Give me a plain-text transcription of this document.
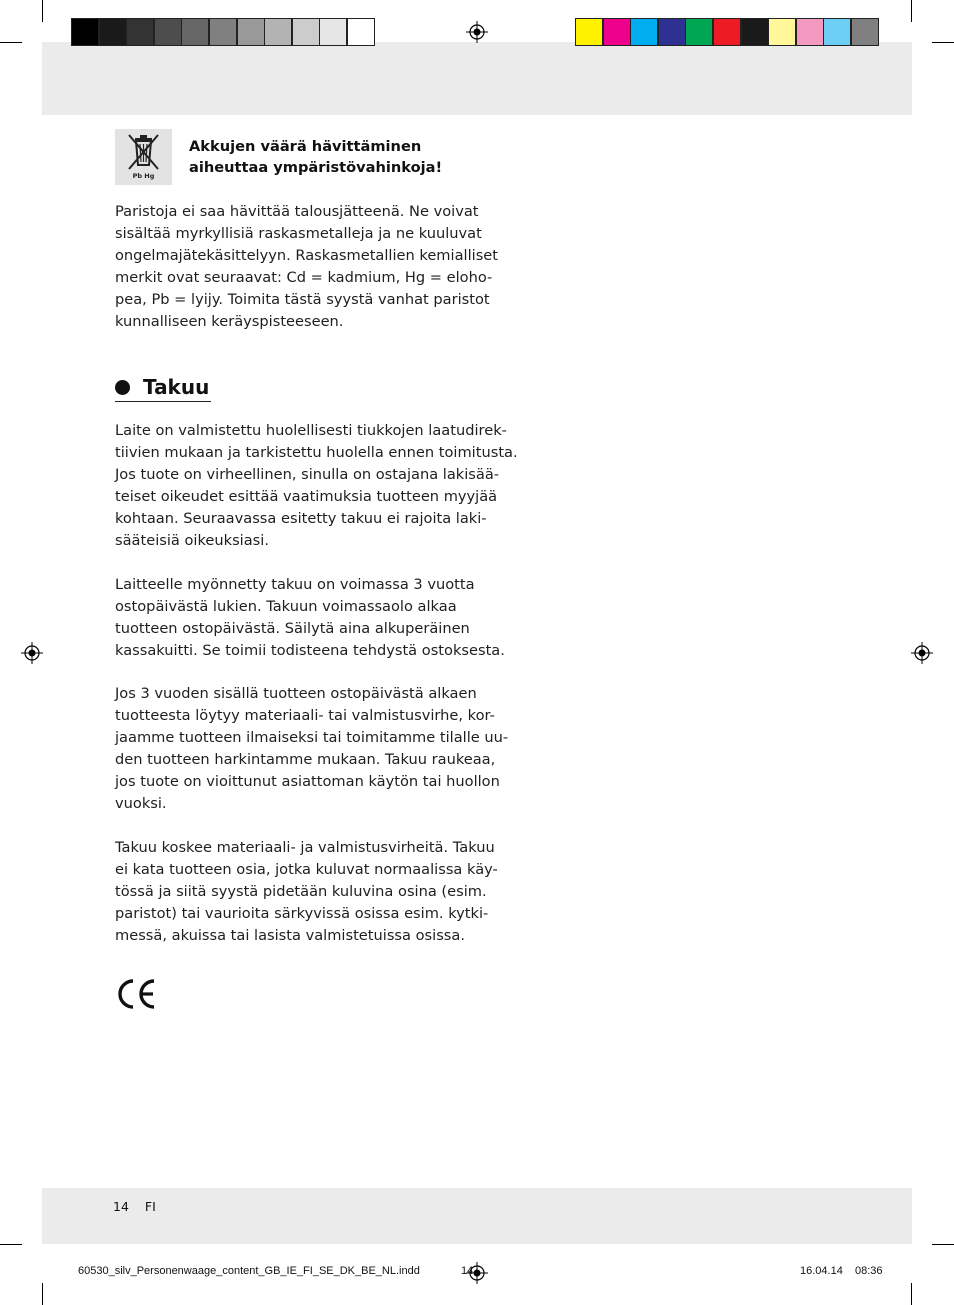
Pb Hg
Akkujen väärä hävittäminen
aiheuttaa ympäristövahinkoja!

Paristoja ei saa hävittää talousjätteenä. Ne voivat
sisältää myrkyllisiä raskasmetalleja ja ne kuuluvat
ongelmajätekäsittelyyn. Raskasmetallien kemialliset
merkit ovat seuraavat: Cd = kadmium, Hg = eloho-
pea, Pb = lyijy. Toimita tästä syystä vanhat paristot
kunnalliseen keräyspisteeseen.

Takuu

Laite on valmistettu huolellisesti tiukkojen laatudirek-
tiivien mukaan ja tarkistettu huolella ennen toimitusta.
Jos tuote on virheellinen, sinulla on ostajana lakisää-
teiset oikeudet esittää vaatimuksia tuotteen myyjää
kohtaan. Seuraavassa esitetty takuu ei rajoita laki-
sääteisiä oikeuksiasi.

Laitteelle myönnetty takuu on voimassa 3 vuotta
ostopäivästä lukien. Takuun voimassaolo alkaa
tuotteen ostopäivästä. Säilytä aina alkuperäinen
kassakuitti. Se toimii todisteena tehdystä ostoksesta.

Jos 3 vuoden sisällä tuotteen ostopäivästä alkaen
tuotteesta löytyy materiaali- tai valmistusvirhe, kor-
jaamme tuotteen ilmaiseksi tai toimitamme tilalle uu-
den tuotteen harkintamme mukaan. Takuu raukeaa,
jos tuote on vioittunut asiattoman käytön tai huollon
vuoksi.

Takuu koskee materiaali- ja valmistusvirheitä. Takuu
ei kata tuotteen osia, jotka kuluvat normaalissa käy-
tössä ja siitä syystä pidetään kuluvina osina (esim.
paristot) tai vaurioita särkyvissä osissa esim. kytki-
messä, akuissa tai lasista valmistetuissa osissa.

14 FI
60530_silv_Personenwaage_content_GB_IE_FI_SE_DK_BE_NL.indd	14	16.04.14 08:36
